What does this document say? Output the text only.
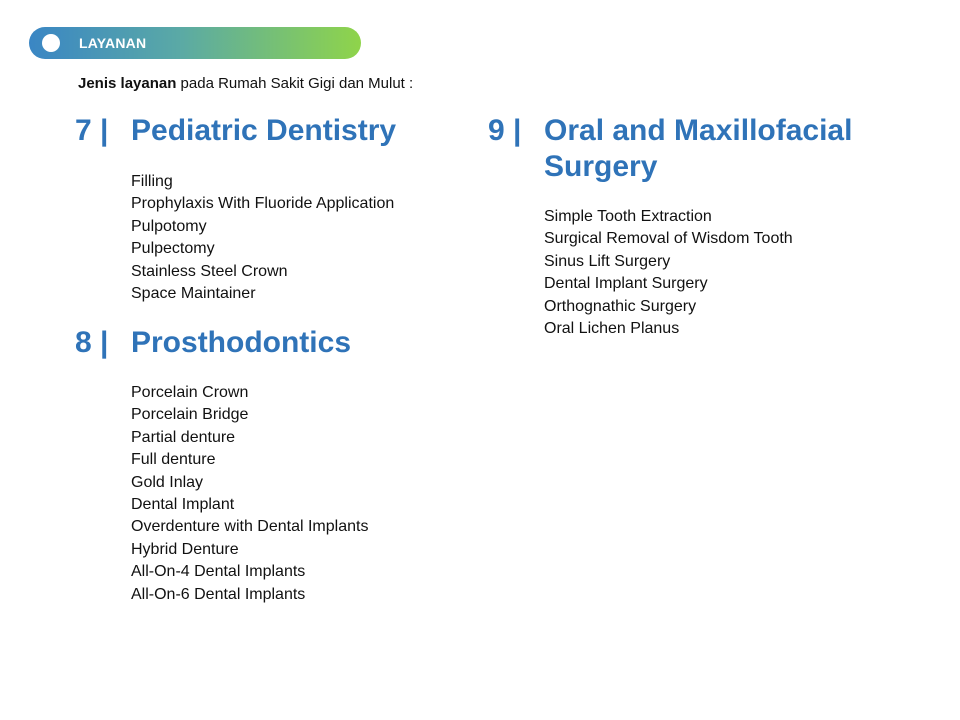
LAYANAN
Jenis layanan pada Rumah Sakit Gigi dan Mulut :
7 | Pediatric Dentistry
Filling
Prophylaxis With Fluoride Application
Pulpotomy
Pulpectomy
Stainless Steel Crown
Space Maintainer
8 | Prosthodontics
Porcelain Crown
Porcelain Bridge
Partial denture
Full denture
Gold Inlay
Dental Implant
Overdenture with Dental Implants
Hybrid Denture
All-On-4 Dental Implants
All-On-6 Dental Implants
9 | Oral and Maxillofacial Surgery
Simple Tooth Extraction
Surgical Removal of Wisdom Tooth
Sinus Lift Surgery
Dental Implant Surgery
Orthognathic Surgery
Oral Lichen Planus
